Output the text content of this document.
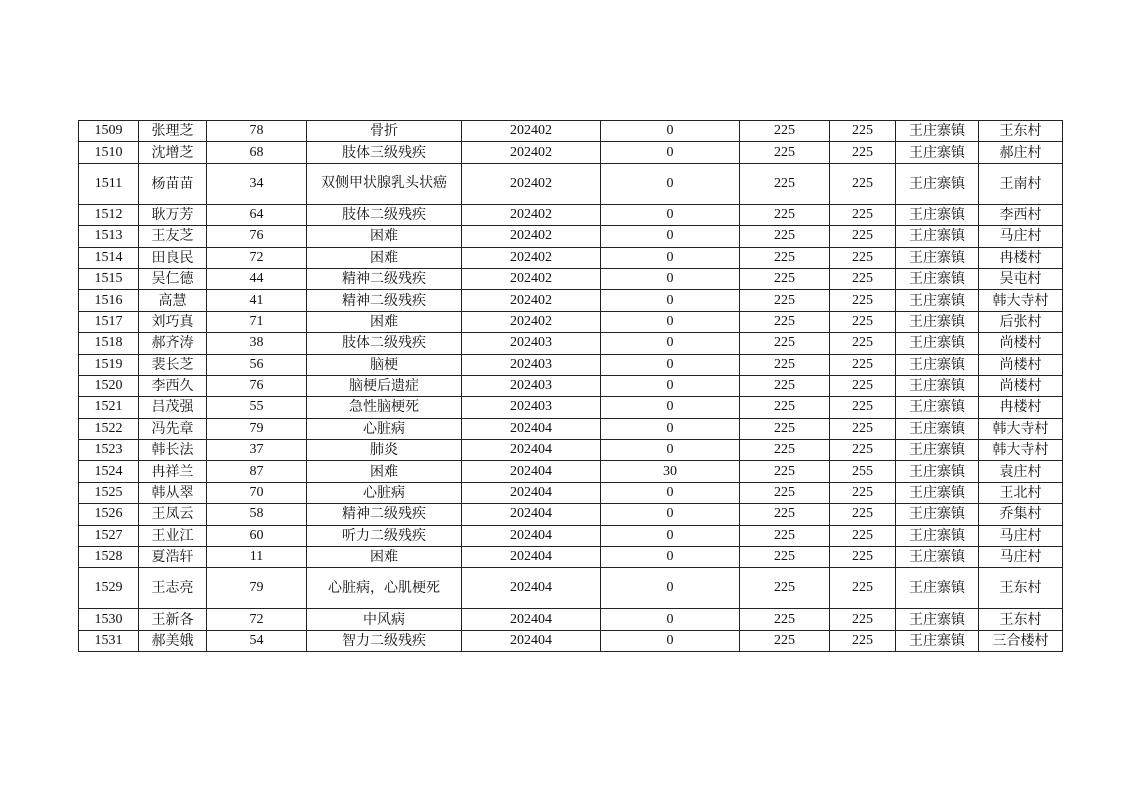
1509	张理芝	78	骨折	202402	0	225	225	王庄寨镇	王东村
1510	沈增芝	68	肢体三级残疾	202402	0	225	225	王庄寨镇	郝庄村
1511	杨苗苗	34	双侧甲状腺乳头状癌	202402	0	225	225	王庄寨镇	王南村
1512	耿万芳	64	肢体二级残疾	202402	0	225	225	王庄寨镇	李西村
1513	王友芝	76	困难	202402	0	225	225	王庄寨镇	马庄村
1514	田良民	72	困难	202402	0	225	225	王庄寨镇	冉楼村
1515	吴仁德	44	精神二级残疾	202402	0	225	225	王庄寨镇	吴屯村
1516	高慧	41	精神二级残疾	202402	0	225	225	王庄寨镇	韩大寺村
1517	刘巧真	71	困难	202402	0	225	225	王庄寨镇	后张村
1518	郝齐涛	38	肢体二级残疾	202403	0	225	225	王庄寨镇	尚楼村
1519	裴长芝	56	脑梗	202403	0	225	225	王庄寨镇	尚楼村
1520	李西久	76	脑梗后遗症	202403	0	225	225	王庄寨镇	尚楼村
1521	吕茂强	55	急性脑梗死	202403	0	225	225	王庄寨镇	冉楼村
1522	冯先章	79	心脏病	202404	0	225	225	王庄寨镇	韩大寺村
1523	韩长法	37	肺炎	202404	0	225	225	王庄寨镇	韩大寺村
1524	冉祥兰	87	困难	202404	30	225	255	王庄寨镇	袁庄村
1525	韩从翠	70	心脏病	202404	0	225	225	王庄寨镇	王北村
1526	王凤云	58	精神二级残疾	202404	0	225	225	王庄寨镇	乔集村
1527	王业江	60	听力二级残疾	202404	0	225	225	王庄寨镇	马庄村
1528	夏浩轩	11	困难	202404	0	225	225	王庄寨镇	马庄村
1529	王志亮	79	心脏病，心肌梗死	202404	0	225	225	王庄寨镇	王东村
1530	王新各	72	中风病	202404	0	225	225	王庄寨镇	王东村
1531	郝美娥	54	智力二级残疾	202404	0	225	225	王庄寨镇	三合楼村
